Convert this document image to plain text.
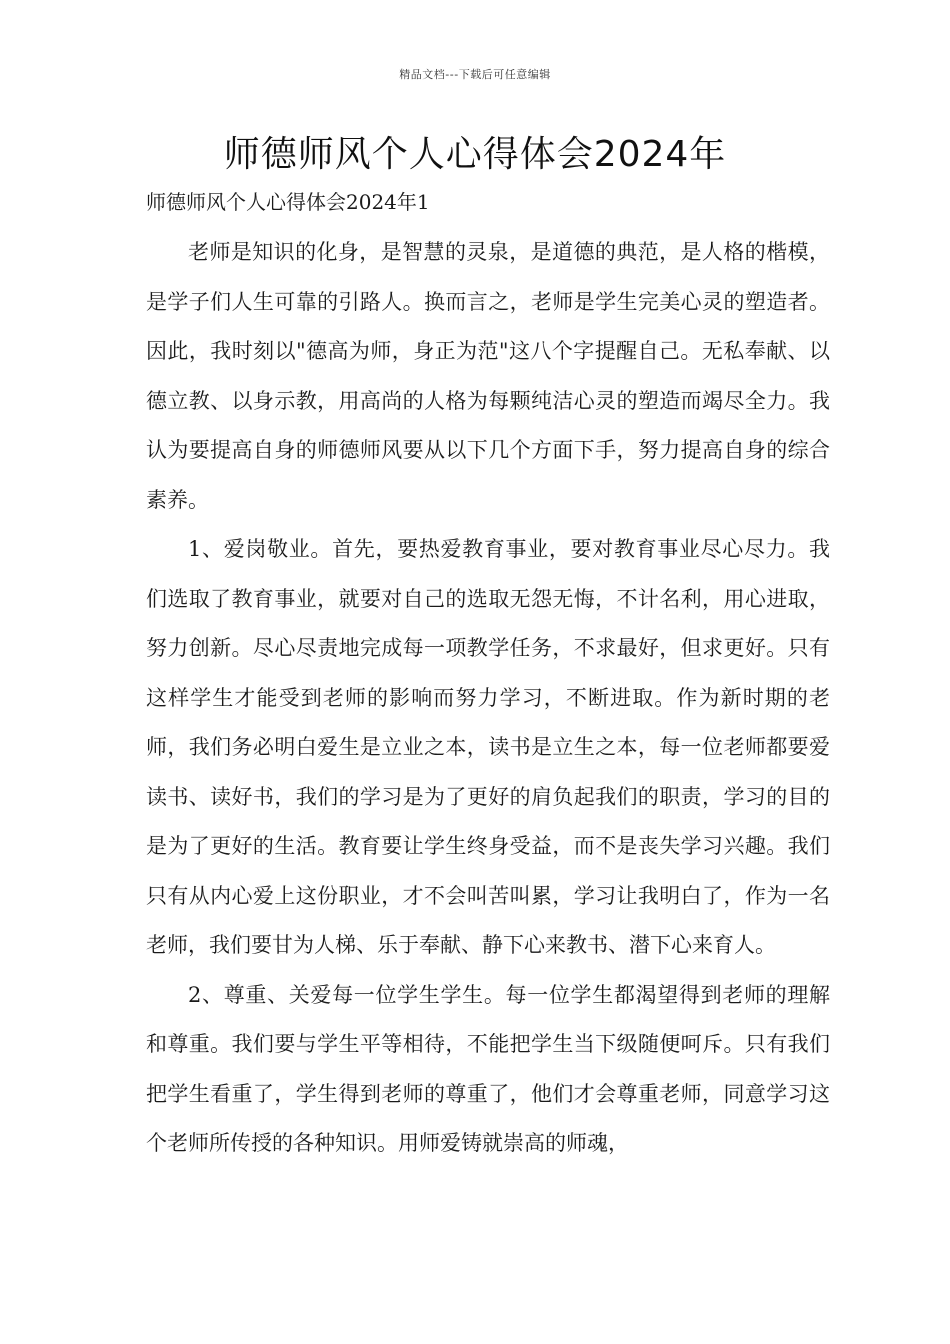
精品文档---下载后可任意编辑
师德师风个人心得体会2024年
师德师风个人心得体会2024年1

老师是知识的化身，是智慧的灵泉，是道德的典范，是人格的楷模，是学子们人生可靠的引路人。换而言之，老师是学生完美心灵的塑造者。因此，我时刻以"德高为师，身正为范"这八个字提醒自己。无私奉献、以德立教、以身示教，用高尚的人格为每颗纯洁心灵的塑造而竭尽全力。我认为要提高自身的师德师风要从以下几个方面下手，努力提高自身的综合素养。

1、爱岗敬业。首先，要热爱教育事业，要对教育事业尽心尽力。我们选取了教育事业，就要对自己的选取无怨无悔，不计名利，用心进取，努力创新。尽心尽责地完成每一项教学任务，不求最好，但求更好。只有这样学生才能受到老师的影响而努力学习，不断进取。作为新时期的老师，我们务必明白爱生是立业之本，读书是立生之本，每一位老师都要爱读书、读好书，我们的学习是为了更好的肩负起我们的职责，学习的目的是为了更好的生活。教育要让学生终身受益，而不是丧失学习兴趣。我们只有从内心爱上这份职业，才不会叫苦叫累，学习让我明白了，作为一名老师，我们要甘为人梯、乐于奉献、静下心来教书、潜下心来育人。

2、尊重、关爱每一位学生学生。每一位学生都渴望得到老师的理解和尊重。我们要与学生平等相待，不能把学生当下级随便呵斥。只有我们把学生看重了，学生得到老师的尊重了，他们才会尊重老师，同意学习这个老师所传授的各种知识。用师爱铸就崇高的师魂，
